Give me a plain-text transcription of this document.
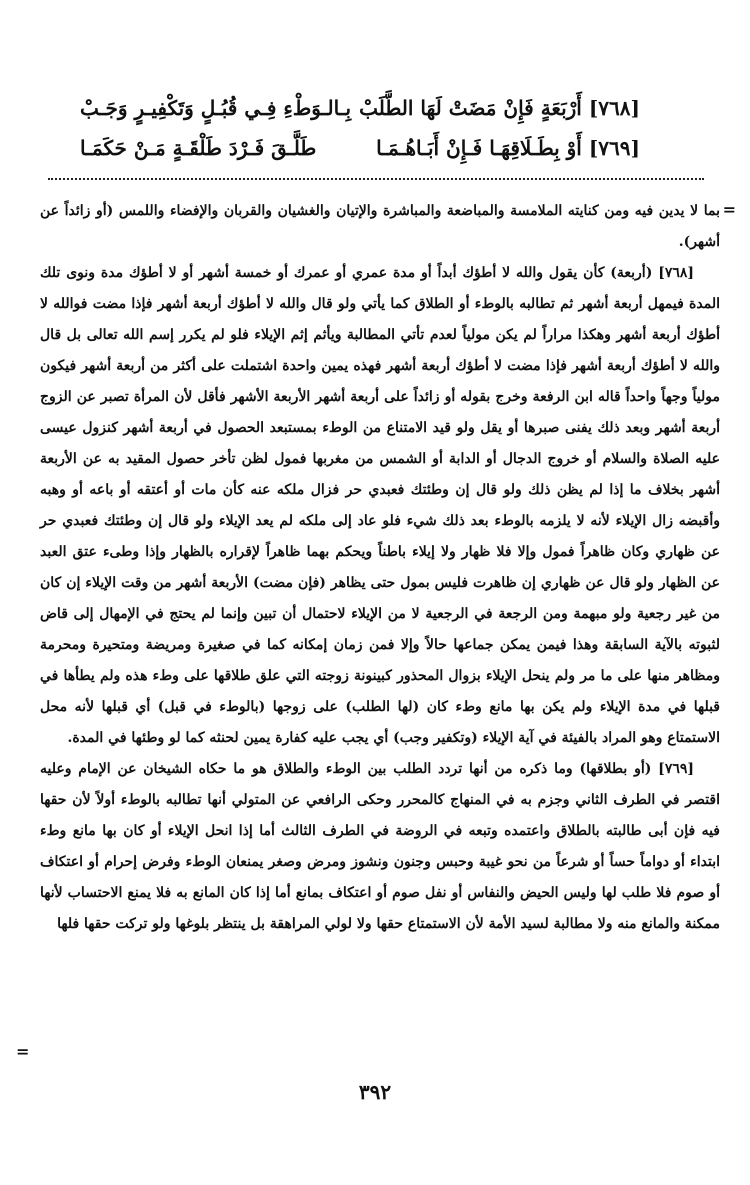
[٧٦٨] أَرْبَعَةٍ فَإِنْ مَضَتْ لَهَا الطَّلَبْ
بِـالـوَطْءِ فِـي قُبُـلٍ وَتَكْفِيـرٍ وَجَـبْ
[٧٦٩] أَوْ بِطَـلَاقِهَـا فَـإِنْ أَبَـاهُـمَـا
طَلَّـقَ فَـرْدَ طَلْقَـةٍ مَـنْ حَكَمَـا
=

بما لا يدين فيه ومن كنايته الملامسة والمباضعة والمباشرة والإتيان والغشيان والقربان والإفضاء واللمس (أو زائداً عن أشهر).

[٧٦٨] (أربعة) كأن يقول والله لا أطؤك أبداً أو مدة عمري أو عمرك أو خمسة أشهر أو لا أطؤك مدة ونوى تلك المدة فيمهل أربعة أشهر ثم تطالبه بالوطء أو الطلاق كما يأتي ولو قال والله لا أطؤك أربعة أشهر فإذا مضت فوالله لا أطؤك أربعة أشهر وهكذا مراراً لم يكن مولياً لعدم تأتي المطالبة ويأثم إثم الإيلاء فلو لم يكرر إسم الله تعالى بل قال والله لا أطؤك أربعة أشهر فإذا مضت لا أطؤك أربعة أشهر فهذه يمين واحدة اشتملت على أكثر من أربعة أشهر فيكون مولياً وجهاً واحداً قاله ابن الرفعة وخرج بقوله أو زائداً على أربعة أشهر الأربعة الأشهر فأقل لأن المرأة تصبر عن الزوج أربعة أشهر وبعد ذلك يفنى صبرها أو يقل ولو قيد الامتناع من الوطء بمستبعد الحصول في أربعة أشهر كنزول عيسى عليه الصلاة والسلام أو خروج الدجال أو الدابة أو الشمس من مغربها فمول لظن تأخر حصول المقيد به عن الأربعة أشهر بخلاف ما إذا لم يظن ذلك ولو قال إن وطئتك فعبدي حر فزال ملكه عنه كأن مات أو أعتقه أو باعه أو وهبه وأقبضه زال الإيلاء لأنه لا يلزمه بالوطء بعد ذلك شيء فلو عاد إلى ملكه لم يعد الإيلاء ولو قال إن وطئتك فعبدي حر عن ظهاري وكان ظاهراً فمول وإلا فلا ظهار ولا إيلاء باطناً ويحكم بهما ظاهراً لإقراره بالظهار وإذا وطىء عتق العبد عن الظهار ولو قال عن ظهاري إن ظاهرت فليس بمول حتى يظاهر (فإن مضت) الأربعة أشهر من وقت الإيلاء إن كان من غير رجعية ولو مبهمة ومن الرجعة في الرجعية لا من الإيلاء لاحتمال أن تبين وإنما لم يحتج في الإمهال إلى قاض لثبوته بالآية السابقة وهذا فيمن يمكن جماعها حالاً وإلا فمن زمان إمكانه كما في صغيرة ومريضة ومتحيرة ومحرمة ومظاهر منها على ما مر ولم ينحل الإيلاء بزوال المحذور كبينونة زوجته التي علق طلاقها على وطء هذه ولم يطأها في قبلها في مدة الإيلاء ولم يكن بها مانع وطء كان (لها الطلب) على زوجها (بالوطء في قبل) أي قبلها لأنه محل الاستمتاع وهو المراد بالفيئة في آية الإيلاء (وتكفير وجب) أي يجب عليه كفارة يمين لحنثه كما لو وطئها في المدة.

[٧٦٩] (أو بطلاقها) وما ذكره من أنها تردد الطلب بين الوطء والطلاق هو ما حكاه الشيخان عن الإمام وعليه اقتصر في الطرف الثاني وجزم به في المنهاج كالمحرر وحكى الرافعي عن المتولي أنها تطالبه بالوطء أولاً لأن حقها فيه فإن أبى طالبته بالطلاق واعتمده وتبعه في الروضة في الطرف الثالث أما إذا انحل الإيلاء أو كان بها مانع وطء ابتداء أو دواماً حساً أو شرعاً من نحو غيبة وحبس وجنون ونشوز ومرض وصغر يمنعان الوطء وفرض إحرام أو اعتكاف أو صوم فلا طلب لها وليس الحيض والنفاس أو نفل صوم أو اعتكاف بمانع أما إذا كان المانع به فلا يمنع الاحتساب لأنها ممكنة والمانع منه ولا مطالبة لسيد الأمة لأن الاستمتاع حقها ولا لولي المراهقة بل ينتظر بلوغها ولو تركت حقها فلها

=
٣٩٢
